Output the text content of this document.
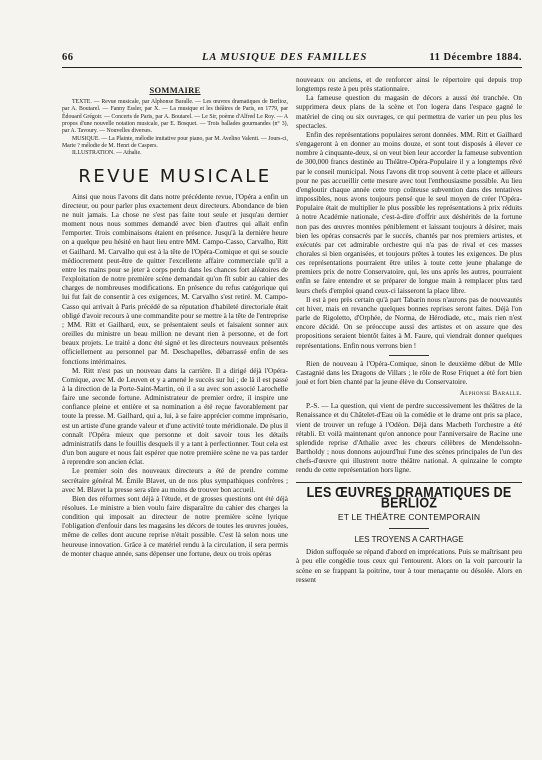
66	LA MUSIQUE DES FAMILLES	11 Décembre 1884.
SOMMAIRE

TEXTE. — Revue musicale, par Alphonse Baralle. — Les œuvres dramatiques de Berlioz, par A. Boutarel. — Fanny Essler, par X. — La musique et les théâtres de Paris, en 1779, par Édouard Grégoir. — Concerts de Paris, par A. Boutarel. — Le Sir, poème d'Alfred Le Roy. — A propos d'une nouvelle notation musicale, par E. Bosquet. — Trois ballades gourmandes (n° 3), par A. Tavoury. — Nouvelles diverses.

MUSIQUE. — La Plainte, mélodie imitative pour piano, par M. Avelino Valenti. — Jours-ci, Marie ? mélodie de M. Henri de Caspers.

ILLUSTRATION. — Athalie.

REVUE MUSICALE

Ainsi que nous l'avons dit dans notre précédente revue, l'Opéra a enfin un directeur, ou pour parler plus exactement deux directeurs. Abondance de bien ne nuit jamais. La chose ne s'est pas faite tout seule et jusqu'au dernier moment nous nous sommes demandé avec bien d'autres qui allait enfin l'emporter. Trois combinaisons étaient en présence. Jusqu'à la dernière heure on a quelque peu hésité en haut lieu entre MM. Campo-Casso, Carvalho, Ritt et Gailhard. M. Carvalho qui est à la tête de l'Opéra-Comique et qui se soucie médiocrement peut-être de quitter l'excellente affaire commerciale qu'il a entre les mains pour se jeter à corps perdu dans les chances fort aléatoires de l'exploitation de notre première scène demandait qu'on fît subir au cahier des charges de nombreuses modifications. En présence du refus catégorique qui lui fut fait de consentir à ces exigences, M. Carvalho s'est retiré. M. Campo-Casso qui arrivait à Paris précédé de sa réputation d'habileté directoriale était obligé d'avoir recours à une commandite pour se mettre à la tête de l'entreprise ; MM. Ritt et Gailhard, eux, se présentaient seuls et faisaient sonner aux oreilles du ministre un beau million ne devant rien à personne, et de fort beaux projets. Le traité a donc été signé et les directeurs nouveaux présentés officiellement au personnel par M. Deschapelles, débarrassé enfin de ses fonctions intérimaires.

M. Ritt n'est pas un nouveau dans la carrière. Il a dirigé déjà l'Opéra-Comique, avec M. de Leuven et y a amené le succès sur lui ; de là il est passé à la direction de la Porte-Saint-Martin, où il a su avec son associé Larochelle faire une seconde fortune. Administrateur de premier ordre, il inspire une confiance pleine et entière et sa nomination a été reçue favorablement par toute la presse. M. Gailhard, qui a, lui, à se faire apprécier comme imprésario, est un artiste d'une grande valeur et d'une activité toute méridionale. De plus il connaît l'Opéra mieux que personne et doit savoir tous les détails administratifs dans le fouillis desquels il y a tant à perfectionner. Tout cela est d'un bon augure et nous fait espérer que notre première scène ne va pas tarder à reprendre son ancien éclat.

Le premier soin des nouveaux directeurs a été de prendre comme secrétaire général M. Émile Blavet, un de nos plus sympathiques confrères ; avec M. Blavet la presse sera sûre au moins de trouver bon accueil.

Bien des réformes sont déjà à l'étude, et de grosses questions ont été déjà résolues. Le ministre a bien voulu faire disparaître du cahier des charges la condition qui imposait au directeur de notre première scène lyrique l'obligation d'enfouir dans les magasins les décors de toutes les œuvres jouées, même de celles dont aucune reprise n'était possible. C'est là selon nous une heureuse innovation. Grâce à ce matériel rendu à la circulation, il sera permis de monter chaque année, sans dépenser une fortune, deux ou trois opéras

nouveaux ou anciens, et de renforcer ainsi le répertoire qui depuis trop longtemps reste à peu près stationnaire.

La fameuse question du magasin de décors a aussi été tranchée. On supprimera deux plans de la scène et l'on logera dans l'espace gagné le matériel de cinq ou six ouvrages, ce qui permettra de varier un peu plus les spectacles.

Enfin des représentations populaires seront données. MM. Ritt et Gailhard s'engageront à en donner au moins douze, et sont tout disposés à élever ce nombre à cinquante-deux, si on veut bien leur accorder la fameuse subvention de 300,000 francs destinée au Théâtre-Opéra-Populaire il y a longtemps rêvé par le conseil municipal. Nous l'avons dit trop souvent à cette place et ailleurs pour ne pas accueillir cette mesure avec tout l'enthousiasme possible. Au lieu d'engloutir chaque année cette trop coûteuse subvention dans des tentatives impossibles, nous avons toujours pensé que le seul moyen de créer l'Opéra-Populaire était de multiplier le plus possible les représentations à prix réduits à notre Académie nationale, c'est-à-dire d'offrir aux déshérités de la fortune non pas des œuvres montées péniblement et laissant toujours à désirer, mais bien les opéras consacrés par le succès, chantés par nos premiers artistes, et exécutés par cet admirable orchestre qui n'a pas de rival et ces masses chorales si bien organisées, et toujours prêtes à toutes les exigences. De plus ces représentations pourraient être utiles à toute cette jeune phalange de premiers prix de notre Conservatoire, qui, les uns après les autres, pourraient enfin se faire entendre et se préparer de longue main à remplacer plus tard leurs chefs d'emploi quand ceux-ci laisseront la place libre.

Il est à peu près certain qu'à part Tabarin nous n'aurons pas de nouveautés cet hiver, mais en revanche quelques bonnes reprises seront faites. Déjà l'on parle de Rigoletto, d'Orphée, de Norma, de Hérodiade, etc., mais rien n'est encore décidé. On se préoccupe aussi des artistes et on assure que des propositions seraient bientôt faites à M. Faure, qui viendrait donner quelques représentations. Enfin nous verrons bien !

Rien de nouveau à l'Opéra-Comique, sinon le deuxième début de Mlle Castagnié dans les Dragons de Villars ; le rôle de Rose Friquet a été fort bien joué et fort bien chanté par la jeune élève du Conservatoire.

Alphonse Baralle.

P.-S. — La question, qui vient de perdre successivement les théâtres de la Renaissance et du Châtelet-d'Eau où la comédie et le drame ont pris sa place, vient de trouver un refuge à l'Odéon. Déjà dans Macbeth l'orchestre a été rétabli. Et voilà maintenant qu'on annonce pour l'anniversaire de Racine une splendide reprise d'Athalie avec les chœurs célèbres de Mendelssohn-Bartholdy ; nous donnons aujourd'hui l'une des scènes principales de l'un des chefs-d'œuvre qui illustrent notre théâtre national. A quinzaine le compte rendu de cette représentation hors ligne.

LES ŒUVRES DRAMATIQUES DE BERLIOZ
ET LE THÉÂTRE CONTEMPORAIN
LES TROYENS A CARTHAGE

Didon suffoquée se répand d'abord en imprécations. Puis se maîtrisant peu à peu elle congédie tous ceux qui l'entourent. Alors on la voit parcourir la scène en se frappant la poitrine, tour à tour menaçante ou désolée. Alors en ressent
